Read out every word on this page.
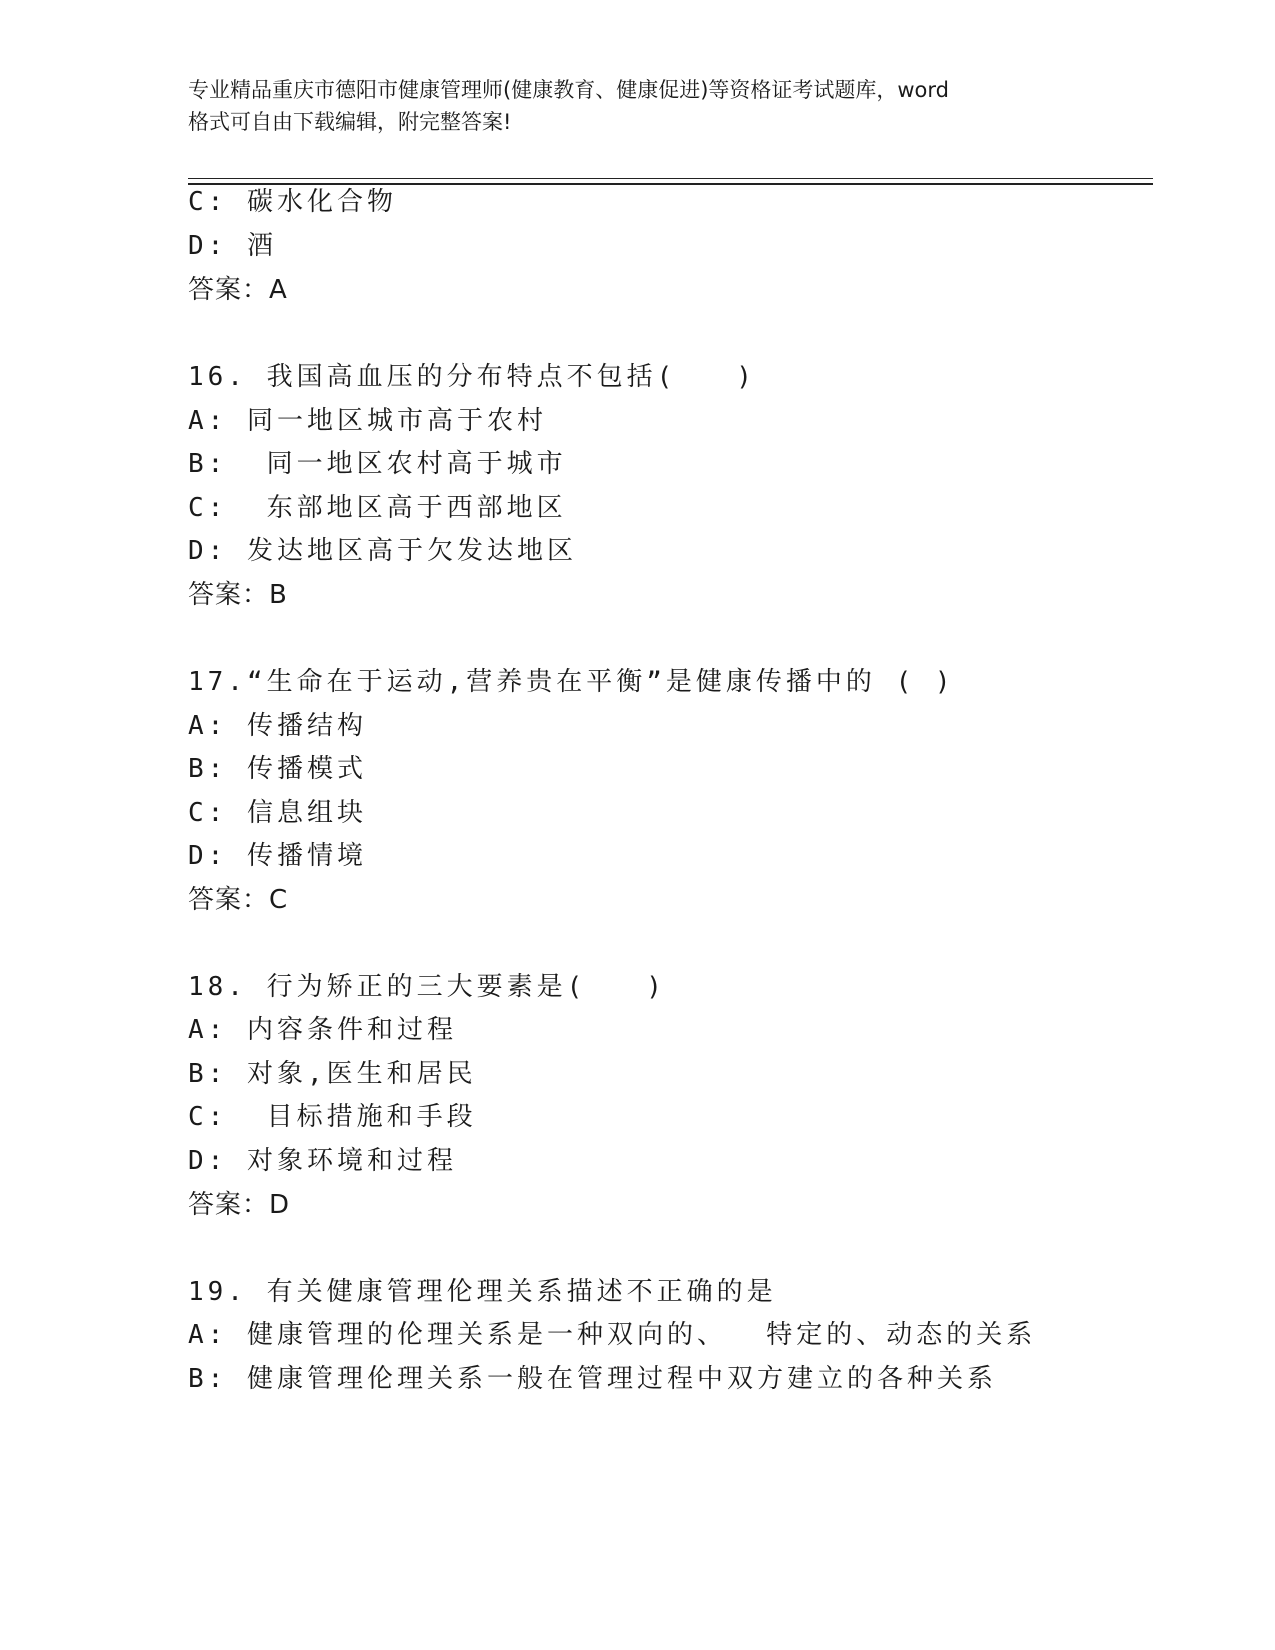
专业精品重庆市德阳市健康管理师(健康教育、健康促进)等资格证考试题库，word
格式可自由下载编辑，附完整答案!
C: 碳水化合物
D: 酒
答案：A
16. 我国高血压的分布特点不包括(　　)
A: 同一地区城市高于农村
B:  同一地区农村高于城市
C:  东部地区高于西部地区
D: 发达地区高于欠发达地区
答案：B
17.“生命在于运动,营养贵在平衡”是健康传播中的 ( )
A: 传播结构
B: 传播模式
C: 信息组块
D: 传播情境
答案：C
18. 行为矫正的三大要素是(　　)
A: 内容条件和过程
B: 对象,医生和居民
C:  目标措施和手段
D: 对象环境和过程
答案：D
19. 有关健康管理伦理关系描述不正确的是
A: 健康管理的伦理关系是一种双向的、  特定的、动态的关系
B: 健康管理伦理关系一般在管理过程中双方建立的各种关系
